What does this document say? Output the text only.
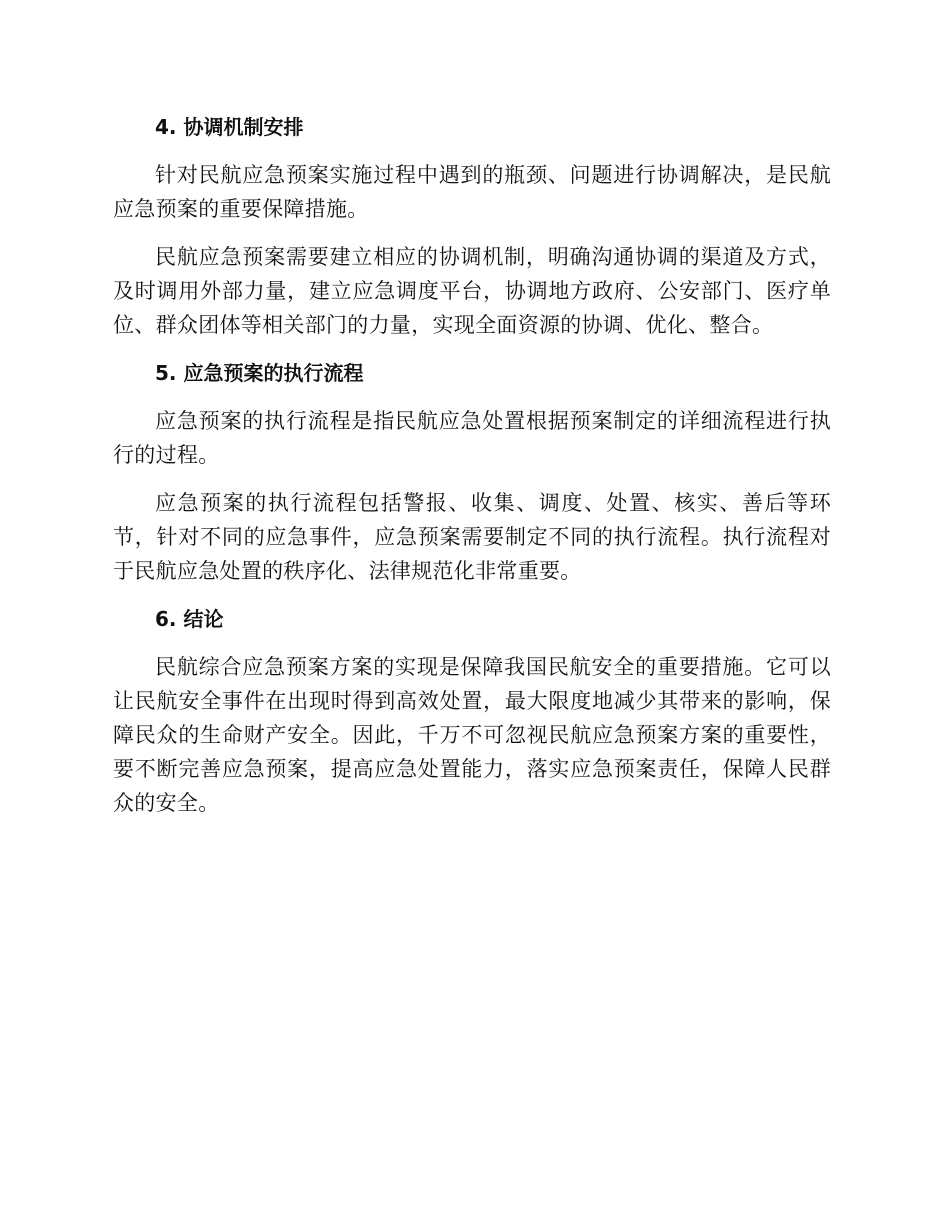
4. 协调机制安排

针对民航应急预案实施过程中遇到的瓶颈、问题进行协调解决，是民航应急预案的重要保障措施。

民航应急预案需要建立相应的协调机制，明确沟通协调的渠道及方式，及时调用外部力量，建立应急调度平台，协调地方政府、公安部门、医疗单位、群众团体等相关部门的力量，实现全面资源的协调、优化、整合。

5. 应急预案的执行流程

应急预案的执行流程是指民航应急处置根据预案制定的详细流程进行执行的过程。

应急预案的执行流程包括警报、收集、调度、处置、核实、善后等环节，针对不同的应急事件，应急预案需要制定不同的执行流程。执行流程对于民航应急处置的秩序化、法律规范化非常重要。

6. 结论

民航综合应急预案方案的实现是保障我国民航安全的重要措施。它可以让民航安全事件在出现时得到高效处置，最大限度地减少其带来的影响，保障民众的生命财产安全。因此，千万不可忽视民航应急预案方案的重要性，要不断完善应急预案，提高应急处置能力，落实应急预案责任，保障人民群众的安全。
